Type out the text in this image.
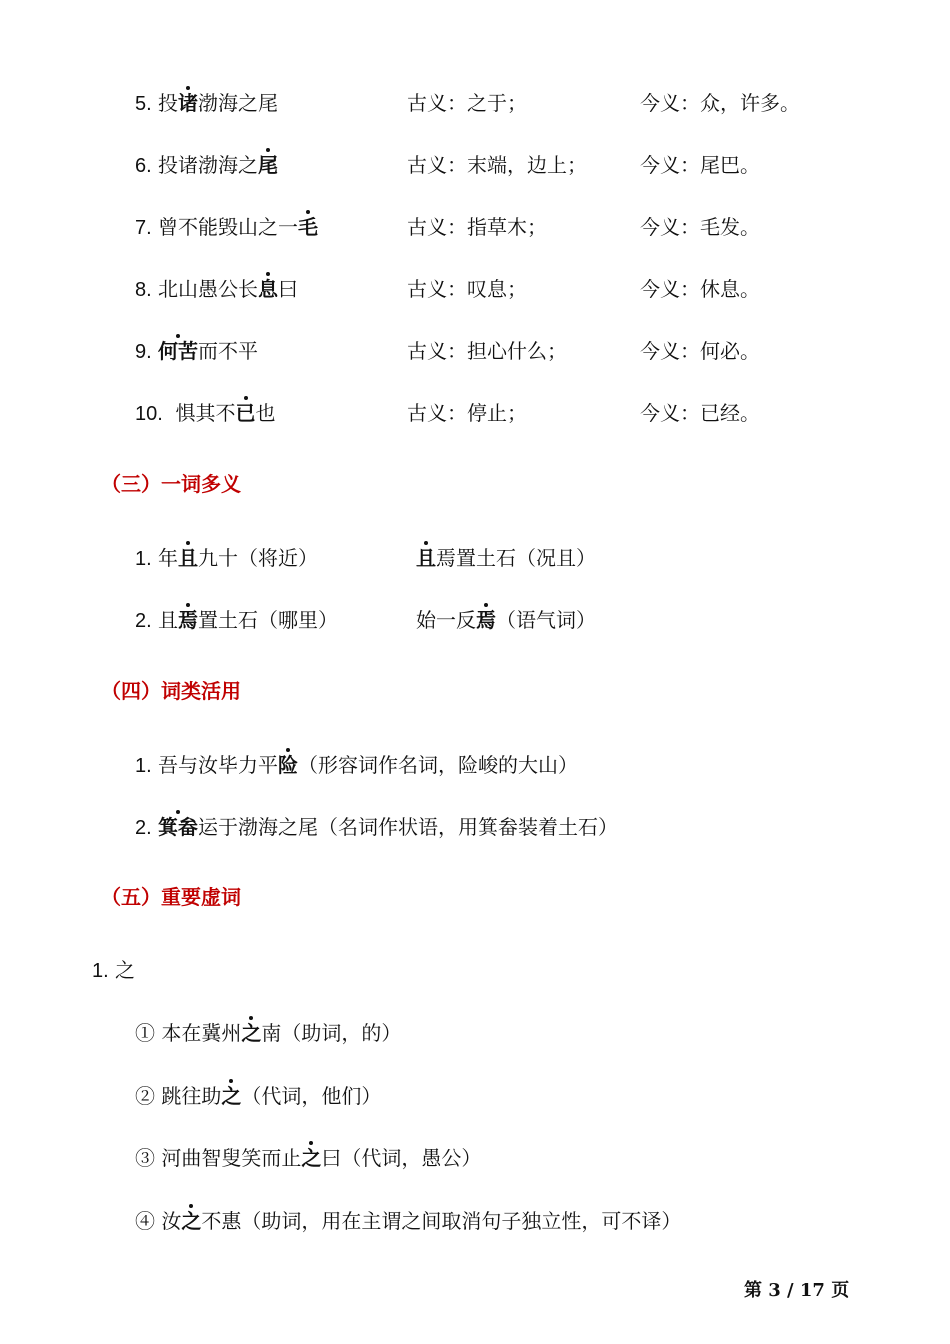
5. 投诸渤海之尾	古义：之于；	今义：众，许多。
6. 投诸渤海之尾	古义：末端，边上；	今义：尾巴。
7. 曾不能毁山之一毛	古义：指草木；	今义：毛发。
8. 北山愚公长息曰	古义：叹息；	今义：休息。
9. 何苦而不平	古义：担心什么；	今义：何必。
10. 惧其不已也	古义：停止；	今义：已经。
（三）一词多义
1. 年且九十（将近）	且焉置土石（况且）
2. 且焉置土石（哪里）	始一反焉（语气词）
（四）词类活用
1. 吾与汝毕力平险（形容词作名词，险峻的大山）
2. 箕畚运于渤海之尾（名词作状语，用箕畚装着土石）
（五）重要虚词
1. 之
① 本在冀州之南（助词，的）
② 跳往助之（代词，他们）
③ 河曲智叟笑而止之曰（代词，愚公）
④ 汝之不惠（助词，用在主谓之间取消句子独立性，可不译）
第 3 / 17 页
